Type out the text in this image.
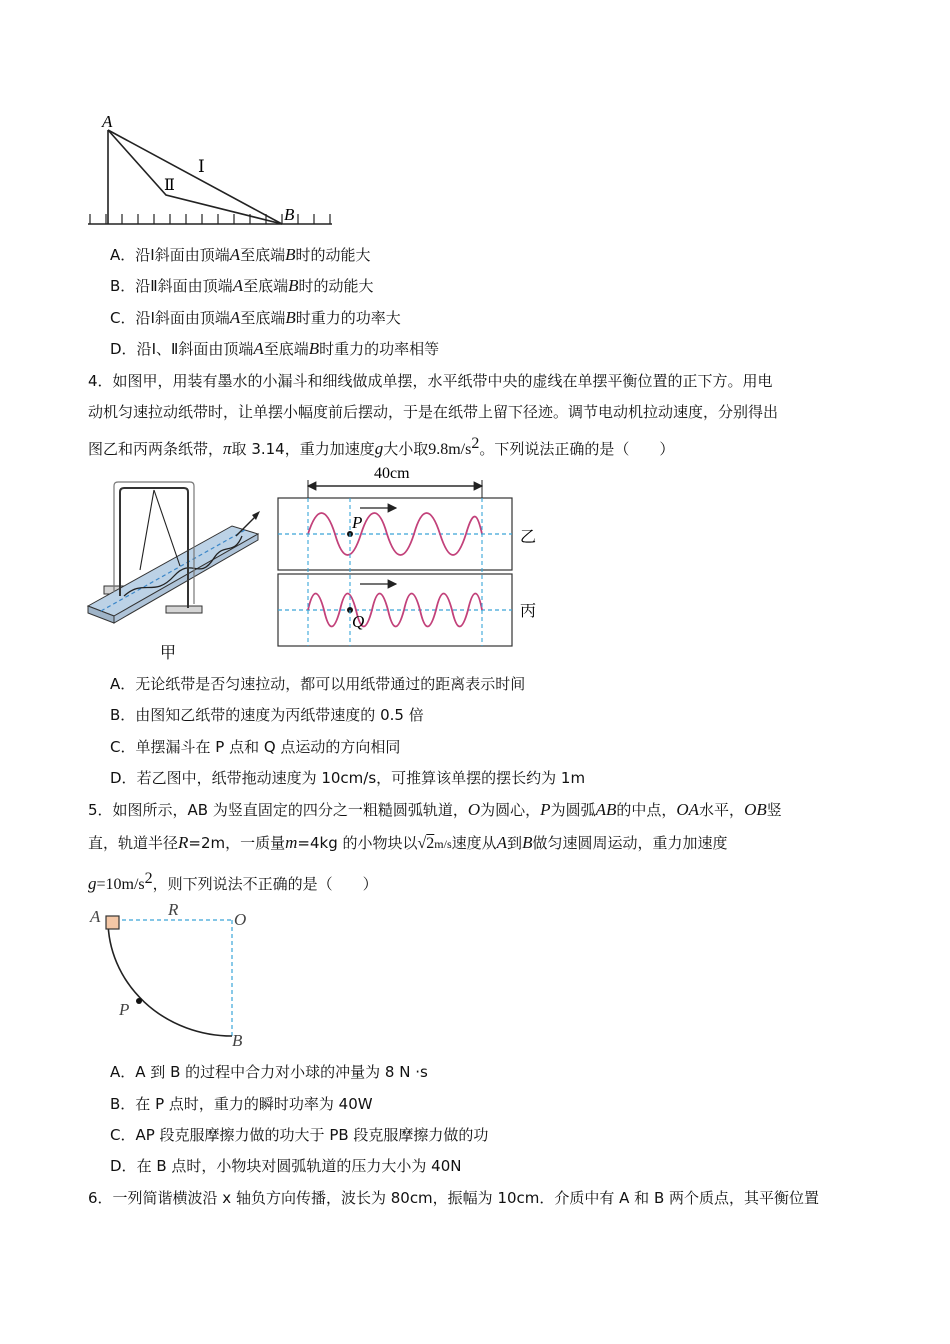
A
B
Ⅰ
Ⅱ
A．沿Ⅰ斜面由顶端A至底端B时的动能大
B．沿Ⅱ斜面由顶端A至底端B时的动能大
C．沿Ⅰ斜面由顶端A至底端B时重力的功率大
D．沿Ⅰ、Ⅱ斜面由顶端A至底端B时重力的功率相等
4．如图甲，用装有墨水的小漏斗和细线做成单摆，水平纸带中央的虚线在单摆平衡位置的正下方。用电
动机匀速拉动纸带时，让单摆小幅度前后摆动，于是在纸带上留下径迹。调节电动机拉动速度，分别得出
图乙和丙两条纸带，π取 3.14，重力加速度g大小取$9.8m/s^2$。下列说法正确的是（　　）
甲
40cm
P
乙
Q
丙
A．无论纸带是否匀速拉动，都可以用纸带通过的距离表示时间
B．由图知乙纸带的速度为丙纸带速度的 0.5 倍
C．单摆漏斗在 P 点和 Q 点运动的方向相同
D．若乙图中，纸带拖动速度为 10cm/s，可推算该单摆的摆长约为 1m
5．如图所示，AB 为竖直固定的四分之一粗糙圆弧轨道，O为圆心，P为圆弧AB的中点，OA水平，OB竖
直，轨道半径R=2m，一质量m=4kg 的小物块以√2m/s速度从A到B做匀速圆周运动，重力加速度
$g=10m/s^2$，则下列说法不正确的是（　　）
A	R
O
P
B
A．A 到 B 的过程中合力对小球的冲量为 8 N ·s
B．在 P 点时，重力的瞬时功率为 40W
C．AP 段克服摩擦力做的功大于 PB 段克服摩擦力做的功
D．在 B 点时，小物块对圆弧轨道的压力大小为 40N
6．一列简谐横波沿 x 轴负方向传播，波长为 80cm，振幅为 10cm．介质中有 A 和 B 两个质点，其平衡位置
